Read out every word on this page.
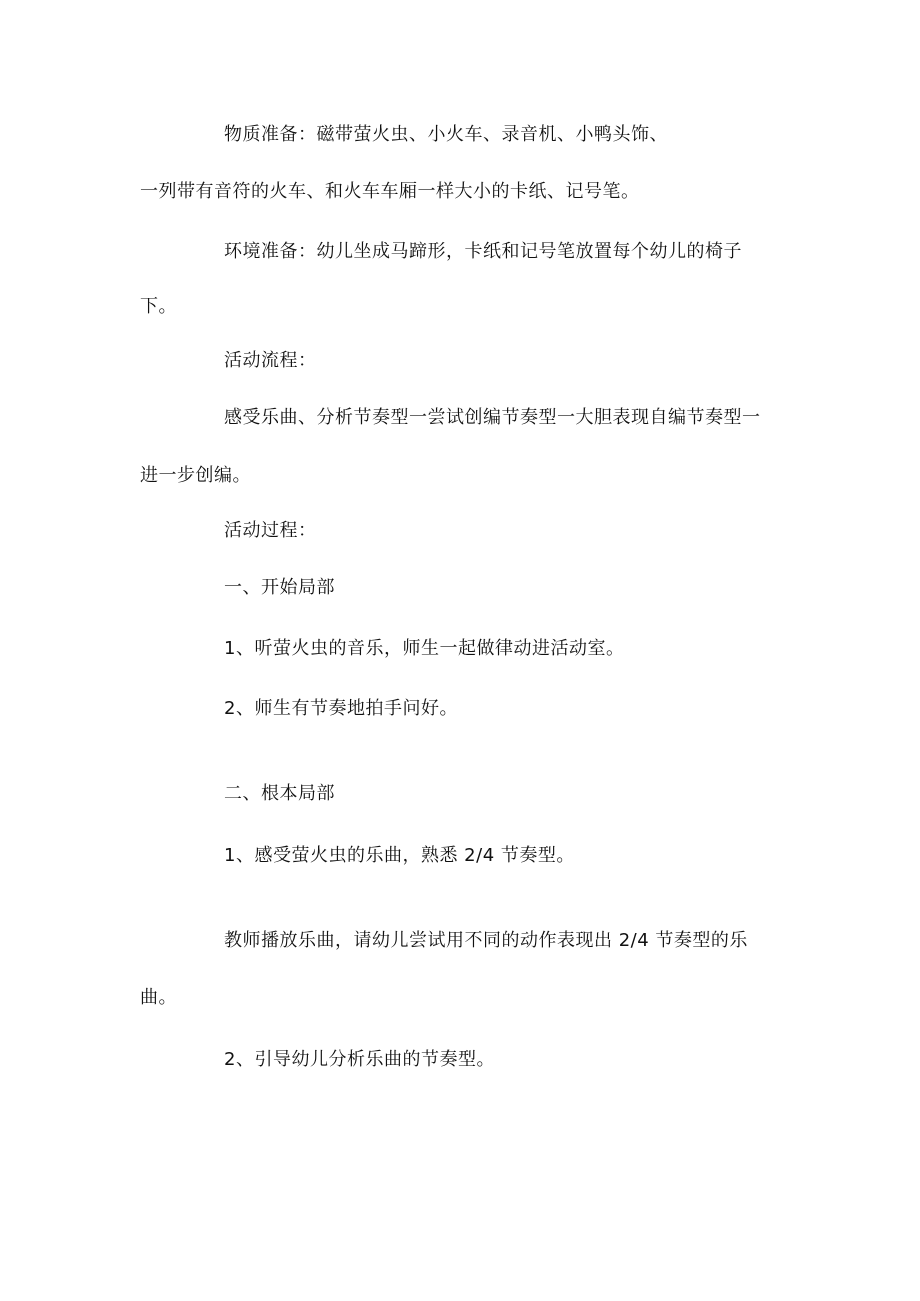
物质准备：磁带萤火虫、小火车、录音机、小鸭头饰、
一列带有音符的火车、和火车车厢一样大小的卡纸、记号笔。
环境准备：幼儿坐成马蹄形，卡纸和记号笔放置每个幼儿的椅子
下。
活动流程：
感受乐曲、分析节奏型一尝试创编节奏型一大胆表现自编节奏型一
进一步创编。
活动过程：
一、开始局部
1、听萤火虫的音乐，师生一起做律动进活动室。
2、师生有节奏地拍手问好。
二、根本局部
1、感受萤火虫的乐曲，熟悉 2/4 节奏型。
教师播放乐曲，请幼儿尝试用不同的动作表现出 2/4 节奏型的乐
曲。
2、引导幼儿分析乐曲的节奏型。
